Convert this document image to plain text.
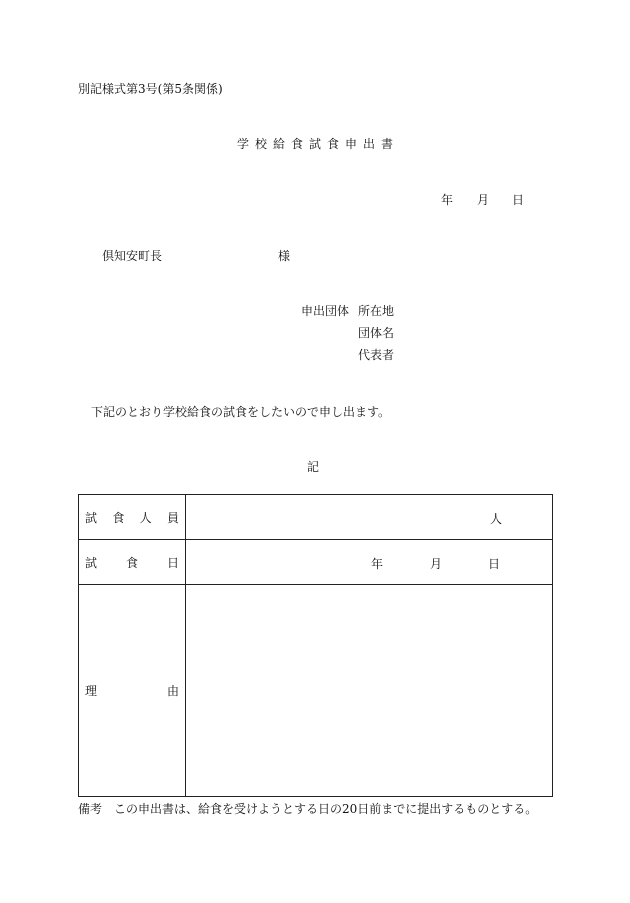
別記様式第3号(第5条関係)
学校給食試食申出書
年 月 日
倶知安町長	様
申出団体 所在地
団体名
代表者
下記のとおり学校給食の試食をしたいので申し出ます。
記
試 食 人 員	人

試 食 日	年 月 日

理 由	

備考　この申出書は、給食を受けようとする日の20日前までに提出するものとする。
